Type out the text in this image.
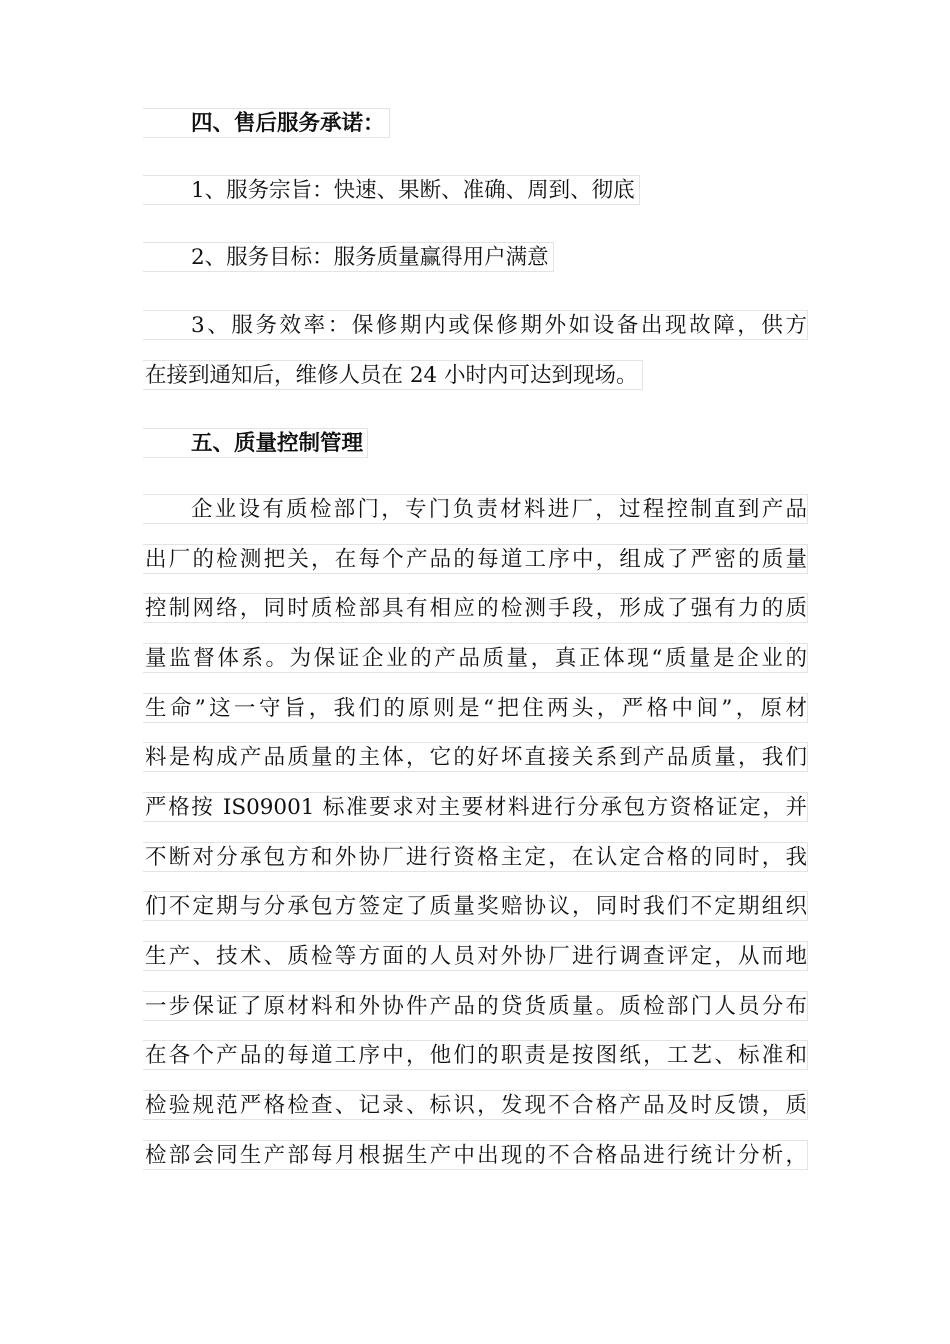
四、售后服务承诺：
1、服务宗旨：快速、果断、准确、周到、彻底
2、服务目标：服务质量赢得用户满意
3、服务效率：保修期内或保修期外如设备出现故障，供方
在接到通知后，维修人员在 24 小时内可达到现场。
五、质量控制管理
企业设有质检部门，专门负责材料进厂，过程控制直到产品
出厂的检测把关，在每个产品的每道工序中，组成了严密的质量
控制网络，同时质检部具有相应的检测手段，形成了强有力的质
量监督体系。为保证企业的产品质量，真正体现“质量是企业的
生命”这一守旨，我们的原则是“把住两头，严格中间”，原材
料是构成产品质量的主体，它的好坏直接关系到产品质量，我们
严格按 IS09001 标准要求对主要材料进行分承包方资格证定，并
不断对分承包方和外协厂进行资格主定，在认定合格的同时，我
们不定期与分承包方签定了质量奖赔协议，同时我们不定期组织
生产、技术、质检等方面的人员对外协厂进行调查评定，从而地
一步保证了原材料和外协件产品的贷货质量。质检部门人员分布
在各个产品的每道工序中，他们的职责是按图纸，工艺、标准和
检验规范严格检查、记录、标识，发现不合格产品及时反馈，质
检部会同生产部每月根据生产中出现的不合格品进行统计分析，
